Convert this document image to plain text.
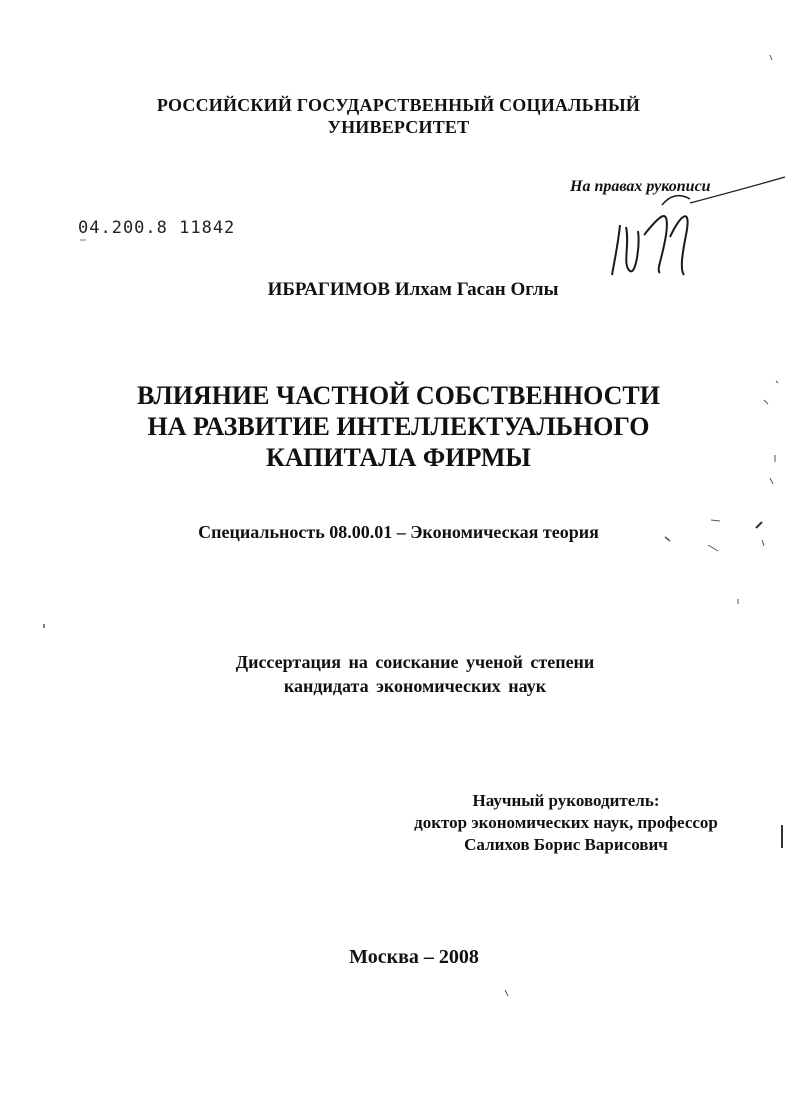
РОССИЙСКИЙ ГОСУДАРСТВЕННЫЙ СОЦИАЛЬНЫЙ
УНИВЕРСИТЕТ
На правах рукописи
04.200.8 11842
ИБРАГИМОВ Илхам Гасан Оглы
ВЛИЯНИЕ ЧАСТНОЙ СОБСТВЕННОСТИ
НА РАЗВИТИЕ ИНТЕЛЛЕКТУАЛЬНОГО
КАПИТАЛА ФИРМЫ
Специальность 08.00.01 – Экономическая теория
Диссертация на соискание ученой степени
кандидата экономических наук
Научный руководитель:
доктор экономических наук, профессор
Салихов Борис Варисович
Москва – 2008
